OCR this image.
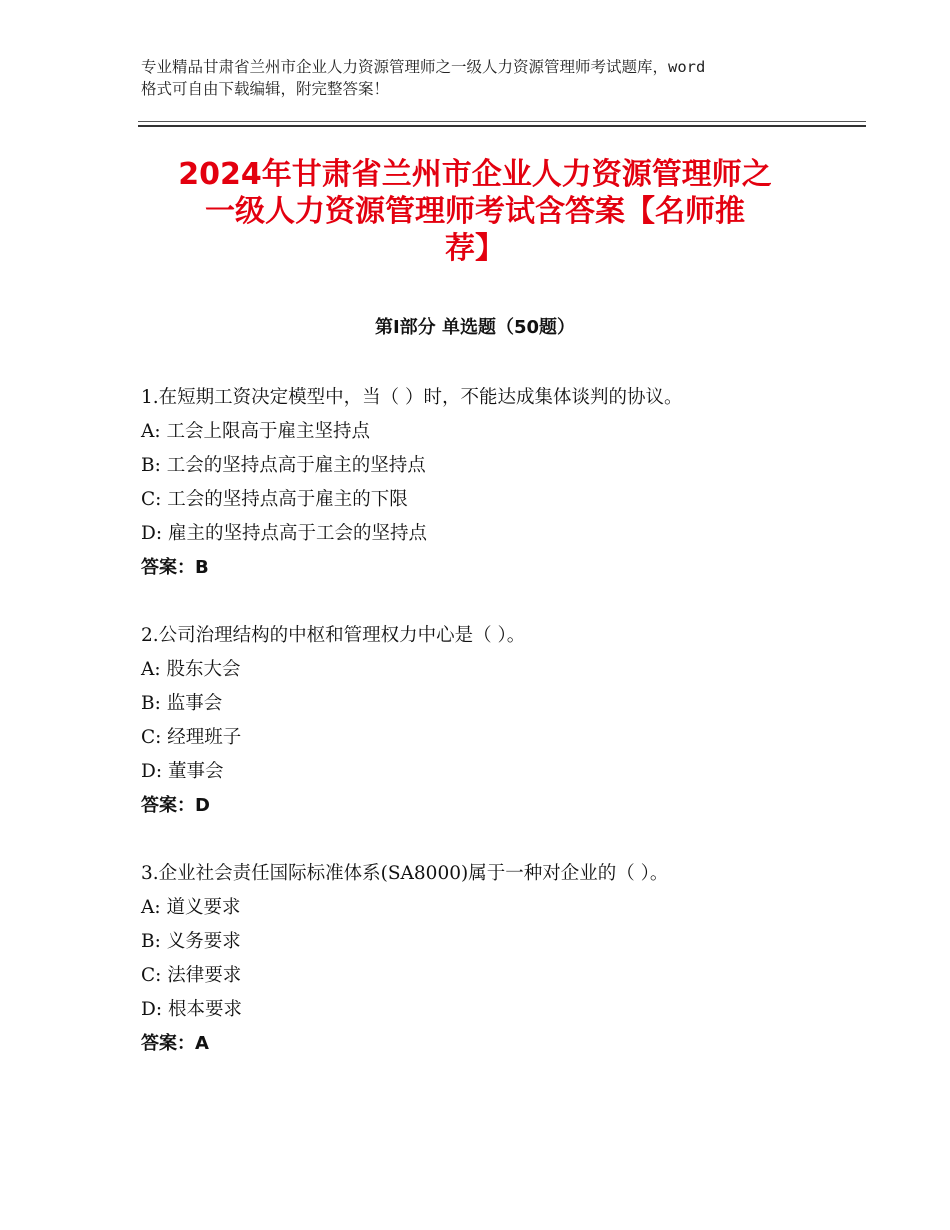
专业精品甘肃省兰州市企业人力资源管理师之一级人力资源管理师考试题库，word
格式可自由下载编辑，附完整答案！
2024年甘肃省兰州市企业人力资源管理师之
一级人力资源管理师考试含答案【名师推
荐】
第Ⅰ部分 单选题（50题）
1.在短期工资决定模型中，当（ ）时，不能达成集体谈判的协议。
A: 工会上限高于雇主坚持点
B: 工会的坚持点高于雇主的坚持点
C: 工会的坚持点高于雇主的下限
D: 雇主的坚持点高于工会的坚持点
答案：B
2.公司治理结构的中枢和管理权力中心是（ ）。
A: 股东大会
B: 监事会
C: 经理班子
D: 董事会
答案：D
3.企业社会责任国际标准体系(SA8000)属于一种对企业的（ ）。
A: 道义要求
B: 义务要求
C: 法律要求
D: 根本要求
答案：A
